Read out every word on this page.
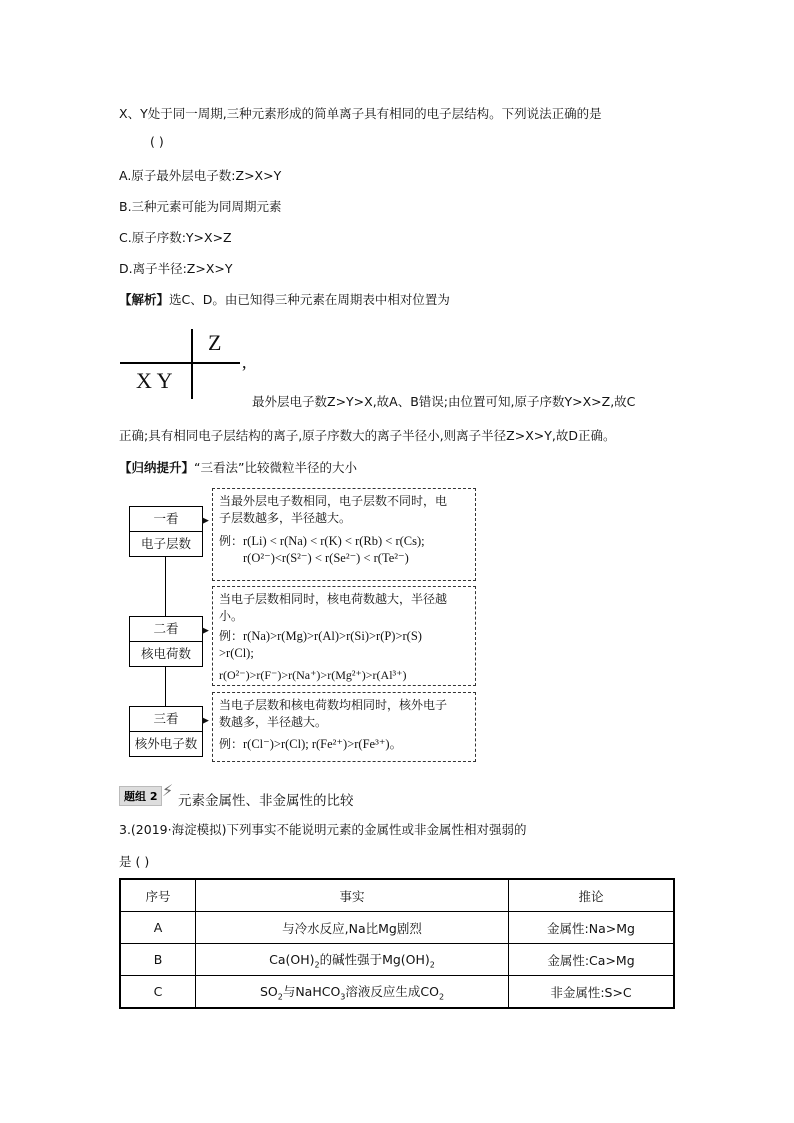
X、Y处于同一周期,三种元素形成的简单离子具有相同的电子层结构。下列说法正确的是
( )
A.原子最外层电子数:Z>X>Y
B.三种元素可能为同周期元素
C.原子序数:Y>X>Z
D.离子半径:Z>X>Y
【解析】选C、D。由已知得三种元素在周期表中相对位置为
Z
X Y
,
最外层电子数Z>Y>X,故A、B错误;由位置可知,原子序数Y>X>Z,故C
正确;具有相同电子层结构的离子,原子序数大的离子半径小,则离子半径Z>X>Y,故D正确。
【归纳提升】“三看法”比较微粒半径的大小
一看
电子层数
▶
当最外层电子数相同，电子层数不同时，电
子层数越多，半径越大。
例：r(Li) < r(Na) < r(K) < r(Rb) < r(Cs);
r(O²⁻)<r(S²⁻) < r(Se²⁻) < r(Te²⁻)
二看
核电荷数
▶
当电子层数相同时，核电荷数越大，半径越小。
例：r(Na)>r(Mg)>r(Al)>r(Si)>r(P)>r(S)
>r(Cl);
r(O²⁻)>r(F⁻)>r(Na⁺)>r(Mg²⁺)>r(Al³⁺)
三看
核外电子数
▶
当电子层数和核电荷数均相同时，核外电子
数越多，半径越大。
例：r(Cl⁻)>r(Cl); r(Fe²⁺)>r(Fe³⁺)。
题组 2 ⚡
元素金属性、非金属性的比较
3.(2019·海淀模拟)下列事实不能说明元素的金属性或非金属性相对强弱的
是 ( )
序号	事实	推论
A	与冷水反应,Na比Mg剧烈	金属性:Na>Mg
B	$Ca(OH)_2$的碱性强于$Mg(OH)_2$	金属性:Ca>Mg
C	$SO_2$与NaHCO$_3$溶液反应生成$CO_2$	非金属性:S>C
